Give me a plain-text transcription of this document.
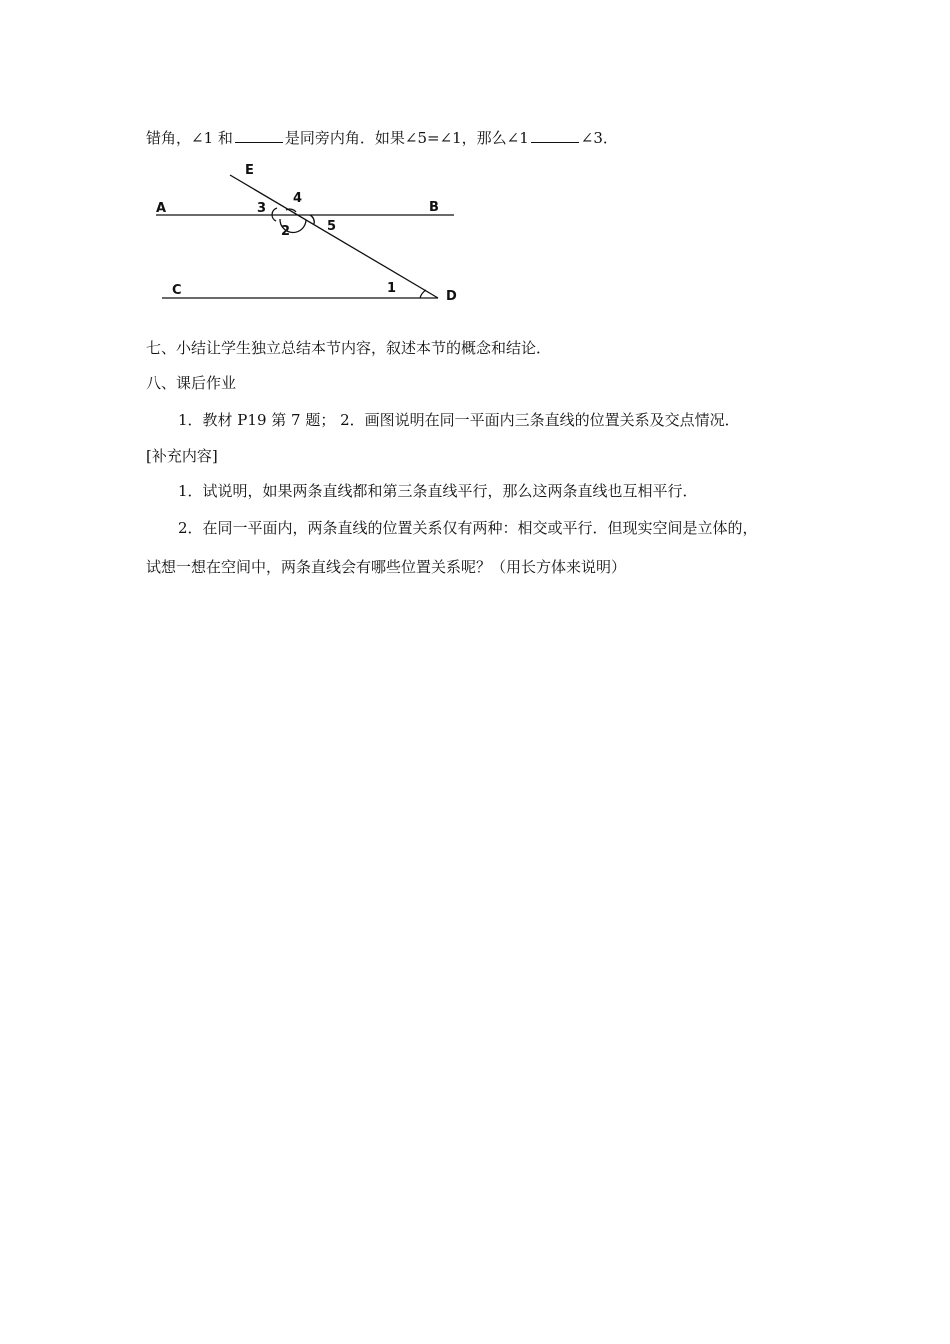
错角，∠1 和	是同旁内角．如果∠5=∠1，那么∠1	∠3．
E
A	B
C	D
3
4
2	5
1
七、小结让学生独立总结本节内容，叙述本节的概念和结论．
八、课后作业
1．教材 P19 第 7 题； 2．画图说明在同一平面内三条直线的位置关系及交点情况．
[补充内容]
1．试说明，如果两条直线都和第三条直线平行，那么这两条直线也互相平行．
2．在同一平面内，两条直线的位置关系仅有两种：相交或平行．但现实空间是立体的，
试想一想在空间中，两条直线会有哪些位置关系呢？（用长方体来说明）
